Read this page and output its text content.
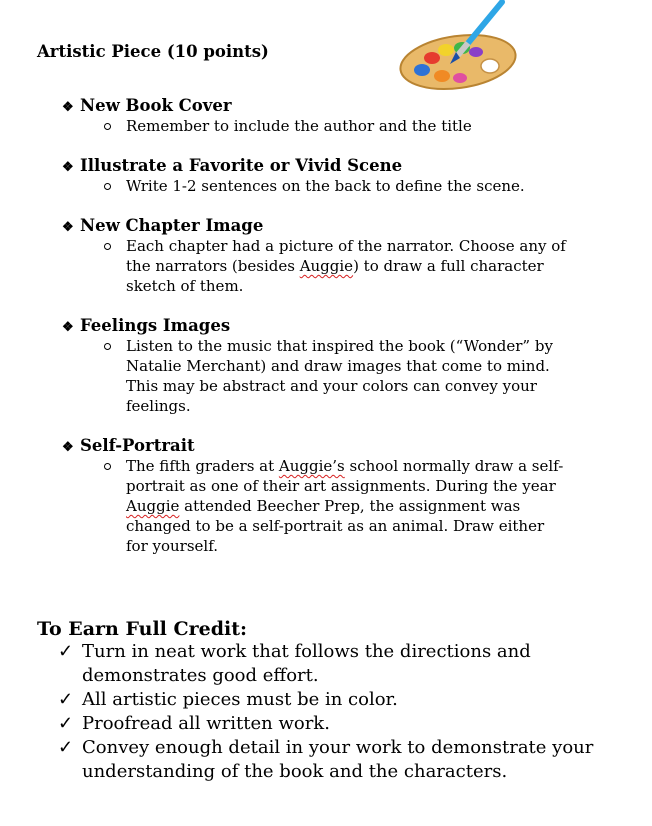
Artistic Piece (10 points)
❖ New Book Cover
Remember to include the author and the title
❖ Illustrate a Favorite or Vivid Scene
Write 1-2 sentences on the back to define the scene.
❖ New Chapter Image
Each chapter had a picture of the narrator. Choose any of
the narrators (besides Auggie) to draw a full character
sketch of them.
❖ Feelings Images
Listen to the music that inspired the book (“Wonder” by
Natalie Merchant) and draw images that come to mind.
This may be abstract and your colors can convey your
feelings.
❖ Self-Portrait
The fifth graders at Auggie’s school normally draw a self-
portrait as one of their art assignments. During the year
Auggie attended Beecher Prep, the assignment was
changed to be a self-portrait as an animal. Draw either
for yourself.
To Earn Full Credit:
✓ Turn in neat work that follows the directions and
demonstrates good effort.
✓ All artistic pieces must be in color.
✓ Proofread all written work.
✓ Convey enough detail in your work to demonstrate your
understanding of the book and the characters.
